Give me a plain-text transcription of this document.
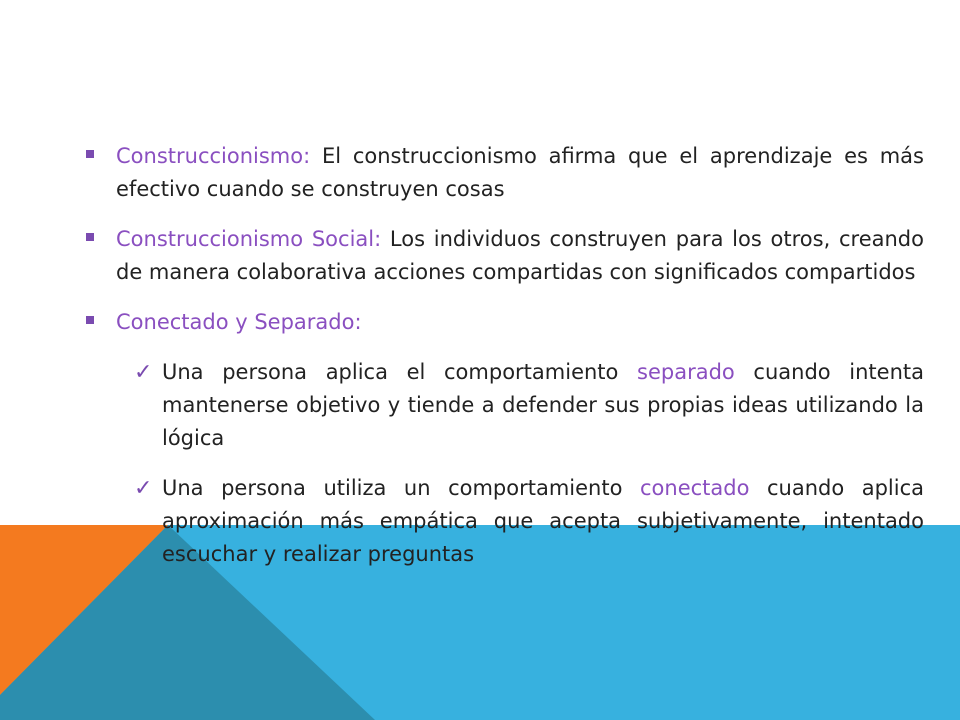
Construccionismo: El construccionismo afirma que el aprendizaje es más efectivo cuando se construyen cosas
Construccionismo Social: Los individuos construyen para los otros, creando de manera colaborativa acciones compartidas con significados compartidos
Conectado y Separado:
✓ Una persona aplica el comportamiento separado cuando intenta mantenerse objetivo y tiende a defender sus propias ideas utilizando la lógica
✓ Una persona utiliza un comportamiento conectado cuando aplica aproximación más empática que acepta subjetivamente, intentado escuchar y realizar preguntas
